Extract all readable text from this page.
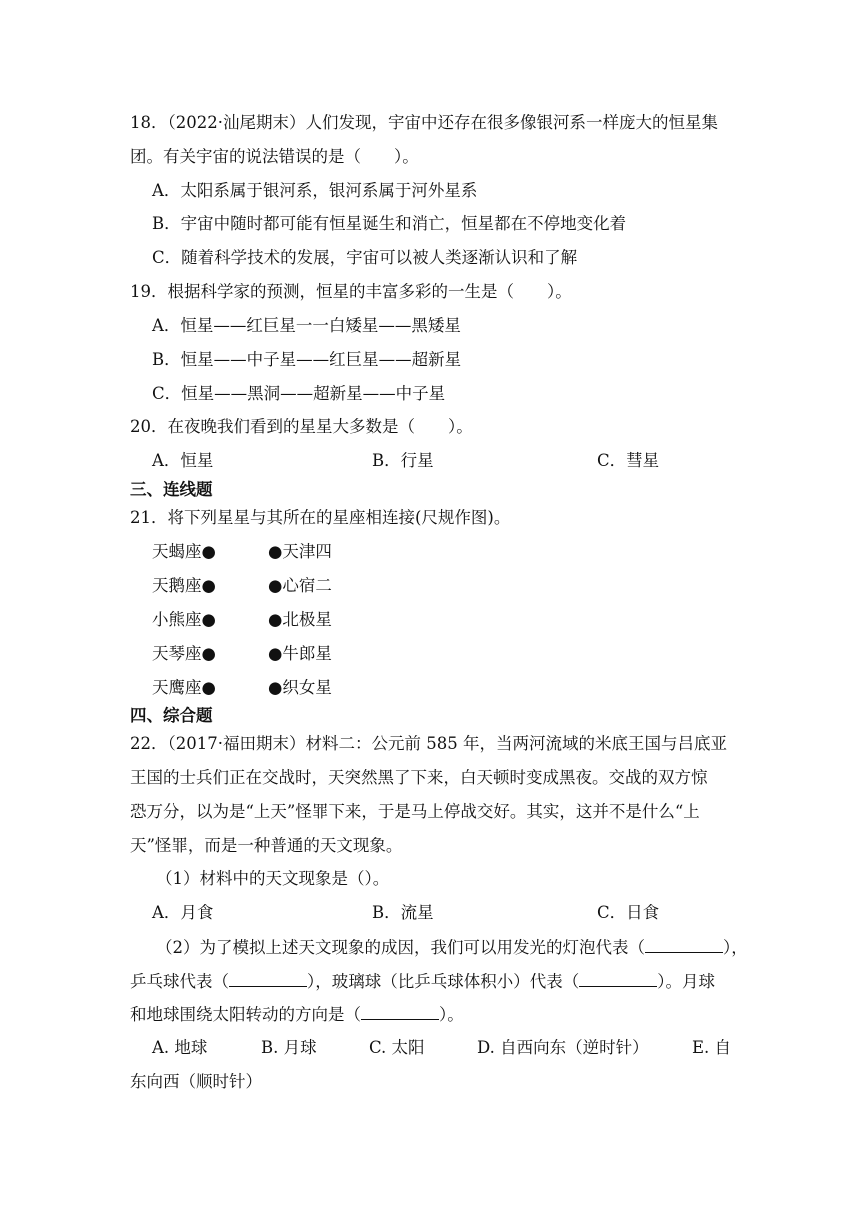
18．（2022·汕尾期末）人们发现，宇宙中还存在很多像银河系一样庞大的恒星集
团。有关宇宙的说法错误的是（　　）。
A．太阳系属于银河系，银河系属于河外星系
B．宇宙中随时都可能有恒星诞生和消亡，恒星都在不停地变化着
C．随着科学技术的发展，宇宙可以被人类逐渐认识和了解
19．根据科学家的预测，恒星的丰富多彩的一生是（　　）。
A．恒星——红巨星一一白矮星——黑矮星
B．恒星——中子星——红巨星——超新星
C．恒星——黑洞——超新星——中子星
20．在夜晚我们看到的星星大多数是（　　）。
A．恒星	B．行星	C．彗星
三、连线题
21．将下列星星与其所在的星座相连接(尺规作图)。
天蝎座●	●天津四
天鹅座●	●心宿二
小熊座●	●北极星
天琴座●	●牛郎星
天鹰座●	●织女星
四、综合题
22．（2017·福田期末）材料二：公元前 585 年，当两河流域的米底王国与吕底亚
王国的士兵们正在交战时，天突然黑了下来，白天顿时变成黑夜。交战的双方惊
恐万分，以为是“上天”怪罪下来，于是马上停战交好。其实，这并不是什么“上
天”怪罪，而是一种普通的天文现象。
（1）材料中的天文现象是（）。
A．月食	B．流星	C．日食
（2）为了模拟上述天文现象的成因，我们可以用发光的灯泡代表（	），
乒乓球代表（	），玻璃球（比乒乓球体积小）代表（	）。月球
和地球围绕太阳转动的方向是（	）。
A. 地球	B. 月球	C. 太阳	D. 自西向东（逆时针）	E. 自
东向西（顺时针）
